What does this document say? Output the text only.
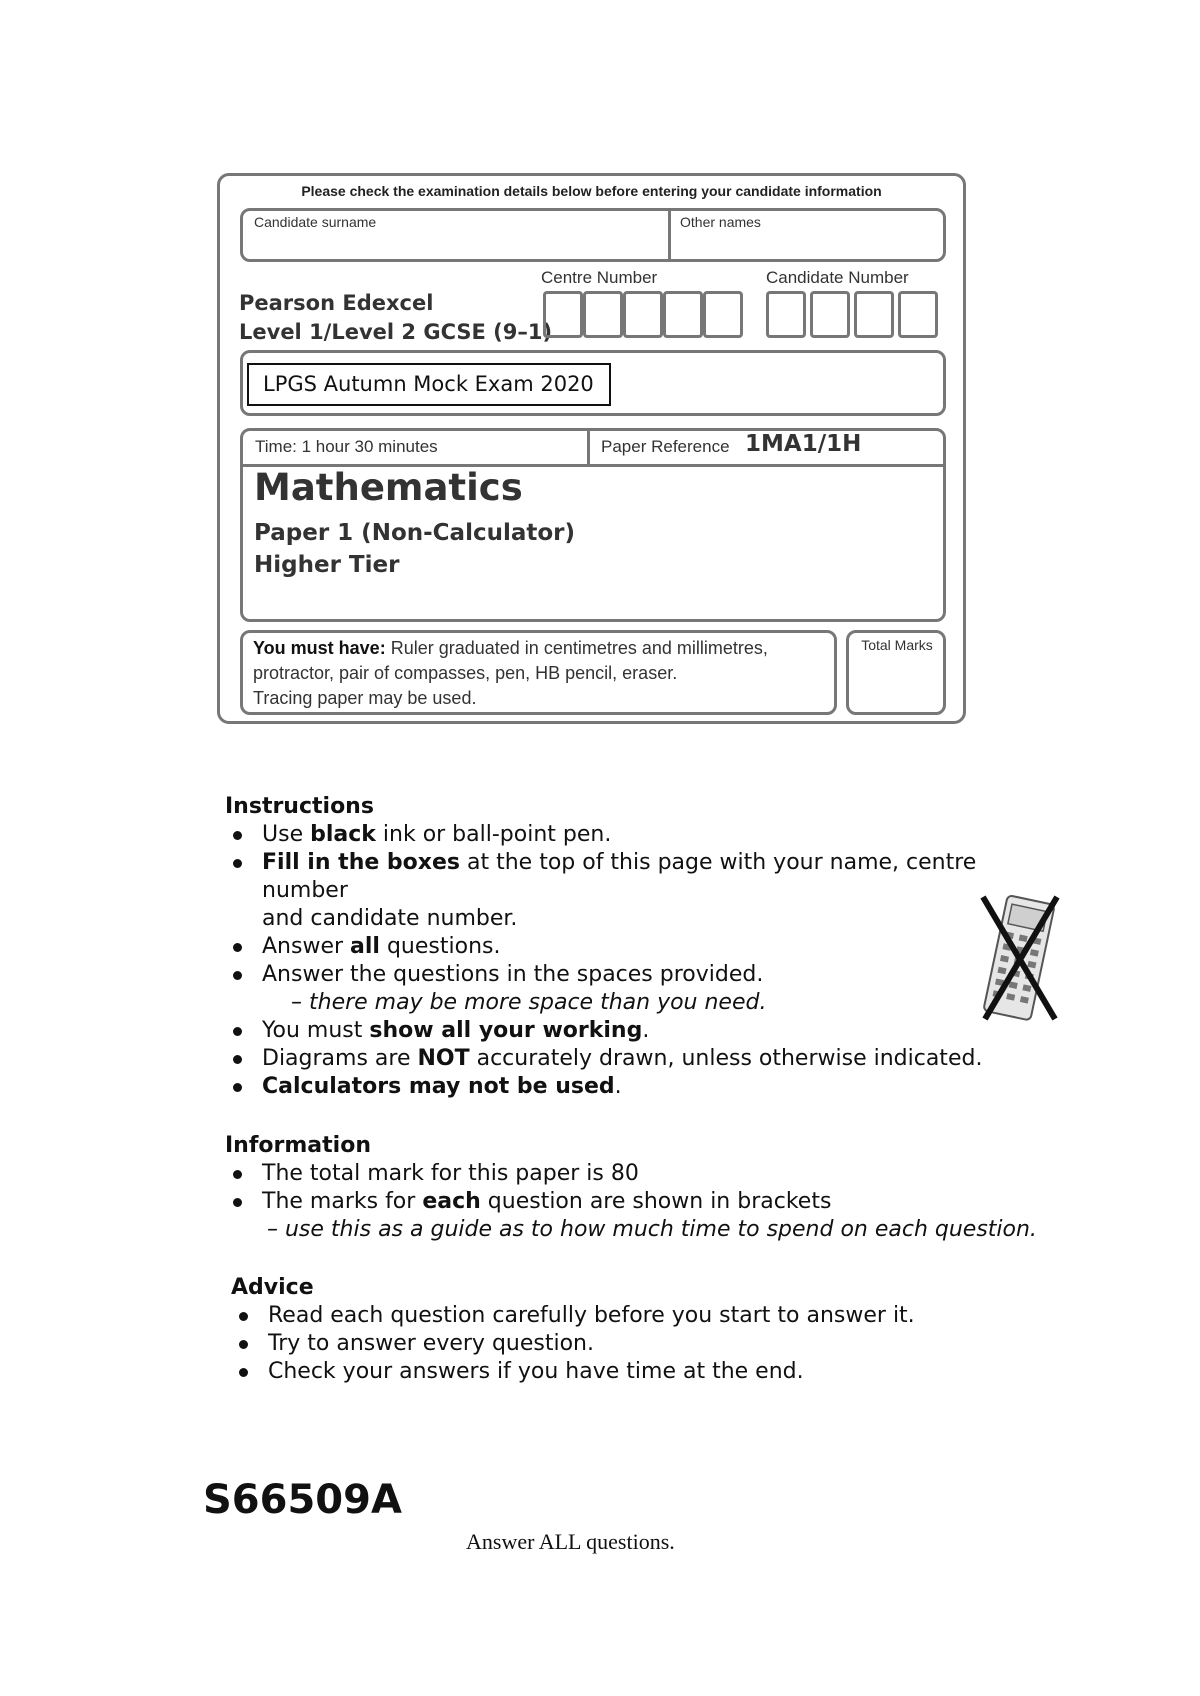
Please check the examination details below before entering your candidate information
Candidate surname	Other names
Pearson Edexcel
Level 1/Level 2 GCSE (9–1)
Centre Number	Candidate Number
LPGS Autumn Mock Exam 2020
Time: 1 hour 30 minutes	Paper Reference 1MA1/1H
Mathematics
Paper 1 (Non-Calculator)
Higher Tier
You must have: Ruler graduated in centimetres and millimetres,
protractor, pair of compasses, pen, HB pencil, eraser.
Tracing paper may be used.
Total Marks
Instructions
Use black ink or ball-point pen.
Fill in the boxes at the top of this page with your name, centre number
and candidate number.
Answer all questions.
Answer the questions in the spaces provided.
– there may be more space than you need.
You must show all your working.
Diagrams are NOT accurately drawn, unless otherwise indicated.
Calculators may not be used.
Information
The total mark for this paper is 80
The marks for each question are shown in brackets
– use this as a guide as to how much time to spend on each question.
Advice
Read each question carefully before you start to answer it.
Try to answer every question.
Check your answers if you have time at the end.
S66509A
Answer ALL questions.
